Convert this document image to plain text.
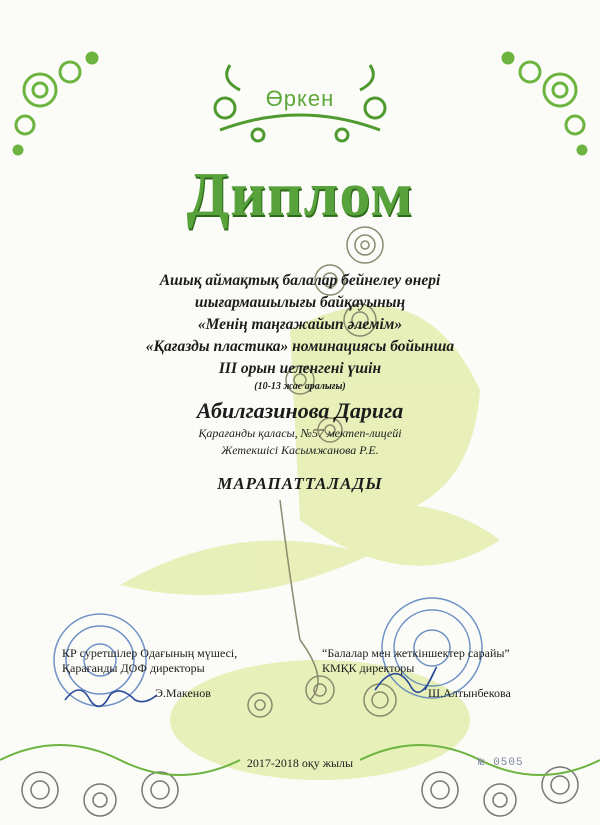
Өркен
Диплом
Ашық аймақтық балалар бейнелеу өнері
шығармашылығы байқауының
«Менің таңғажайып әлемім»
«Қағазды пластика» номинациясы бойынша
III орын иеленгені үшін
(10-13 жас аралығы)
Абилгазинова Дарига
Қарағанды қаласы, №57 мектеп-лицейі
Жетекшісі Касымжанова Р.Е.
МАРАПАТТАЛАДЫ
КР суретшілер Одағының мүшесі,
Қарағанды ДОФ директоры
Э.Макенов
“Балалар мен жеткіншектер сарайы”
КМҚК директоры
Ш.Алтынбекова
2017-2018 оқу жылы	№ 0505
